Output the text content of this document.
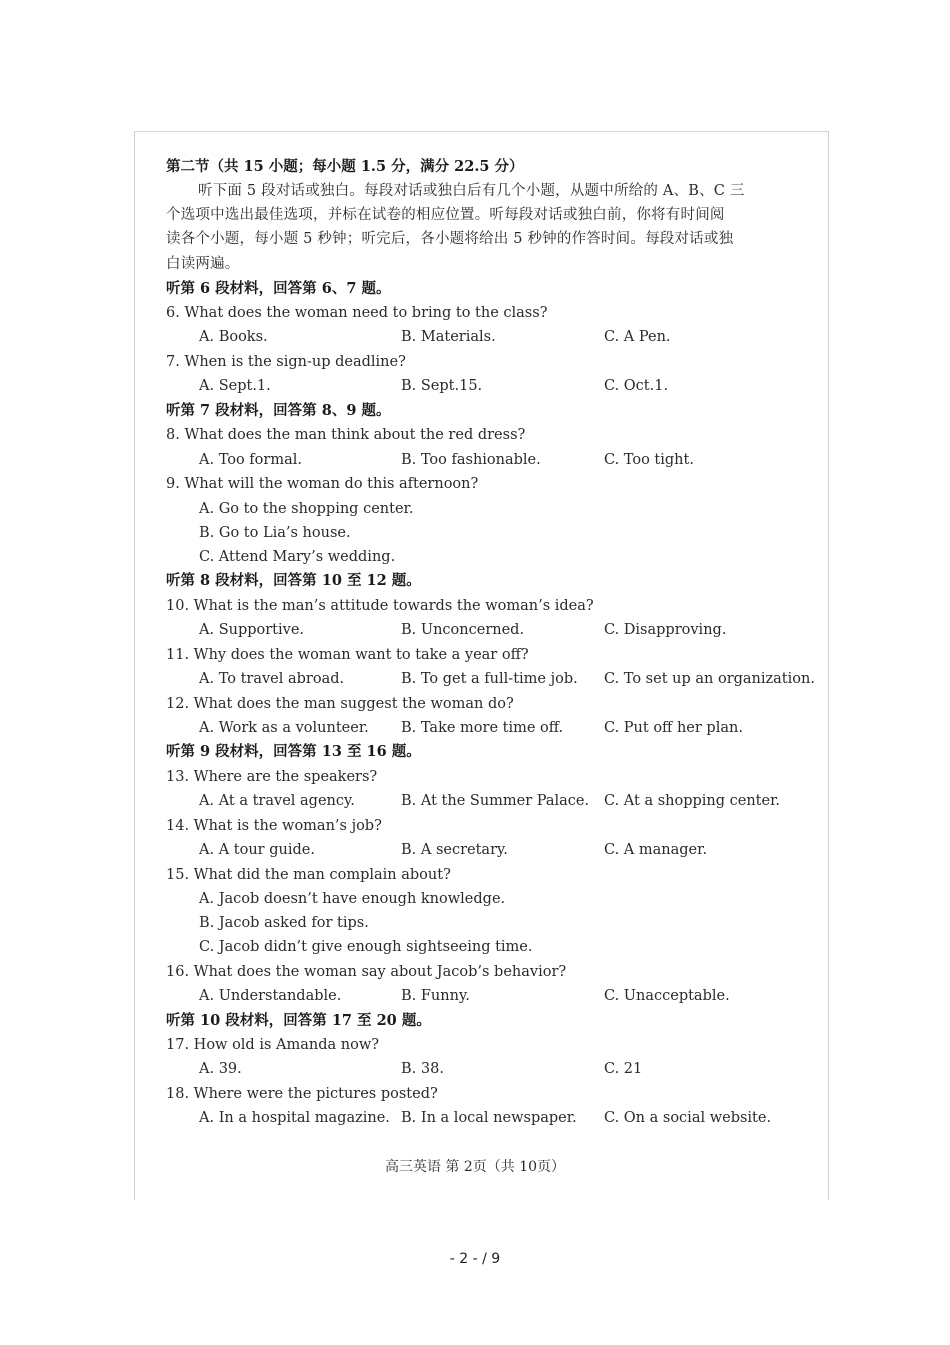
第二节（共 15 小题；每小题 1.5 分，满分 22.5 分）
听下面 5 段对话或独白。每段对话或独白后有几个小题，从题中所给的 A、B、C 三
个选项中选出最佳选项，并标在试卷的相应位置。听每段对话或独白前，你将有时间阅
读各个小题，每小题 5 秒钟；听完后，各小题将给出 5 秒钟的作答时间。每段对话或独
白读两遍。
听第 6 段材料，回答第 6、7 题。
6. What does the woman need to bring to the class?
A. Books.	B. Materials.	C. A Pen.
7. When is the sign-up deadline?
A. Sept.1.	B. Sept.15.	C. Oct.1.
听第 7 段材料，回答第 8、9 题。
8. What does the man think about the red dress?
A. Too formal.	B. Too fashionable.	C. Too tight.
9. What will the woman do this afternoon?
A. Go to the shopping center.
B. Go to Lia’s house.
C. Attend Mary’s wedding.
听第 8 段材料，回答第 10 至 12 题。
10. What is the man’s attitude towards the woman’s idea?
A. Supportive.	B. Unconcerned.	C. Disapproving.
11. Why does the woman want to take a year off?
A. To travel abroad.	B. To get a full-time job. C. To set up an organization.
12. What does the man suggest the woman do?
A. Work as a volunteer. B. Take more time off.	C. Put off her plan.
听第 9 段材料，回答第 13 至 16 题。
13. Where are the speakers?
A. At a travel agency.	B. At the Summer Palace. C. At a shopping center.
14. What is the woman’s job?
A. A tour guide.	B. A secretary.	C. A manager.
15. What did the man complain about?
A. Jacob doesn’t have enough knowledge.
B. Jacob asked for tips.
C. Jacob didn’t give enough sightseeing time.
16. What does the woman say about Jacob’s behavior?
A. Understandable.	B. Funny.	C. Unacceptable.
听第 10 段材料，回答第 17 至 20 题。
17. How old is Amanda now?
A. 39.	B. 38.	C. 21
18. Where were the pictures posted?
A. In a hospital magazine. B. In a local newspaper. C. On a social website.
高三英语 第 2页（共 10页）
- 2 - / 9
